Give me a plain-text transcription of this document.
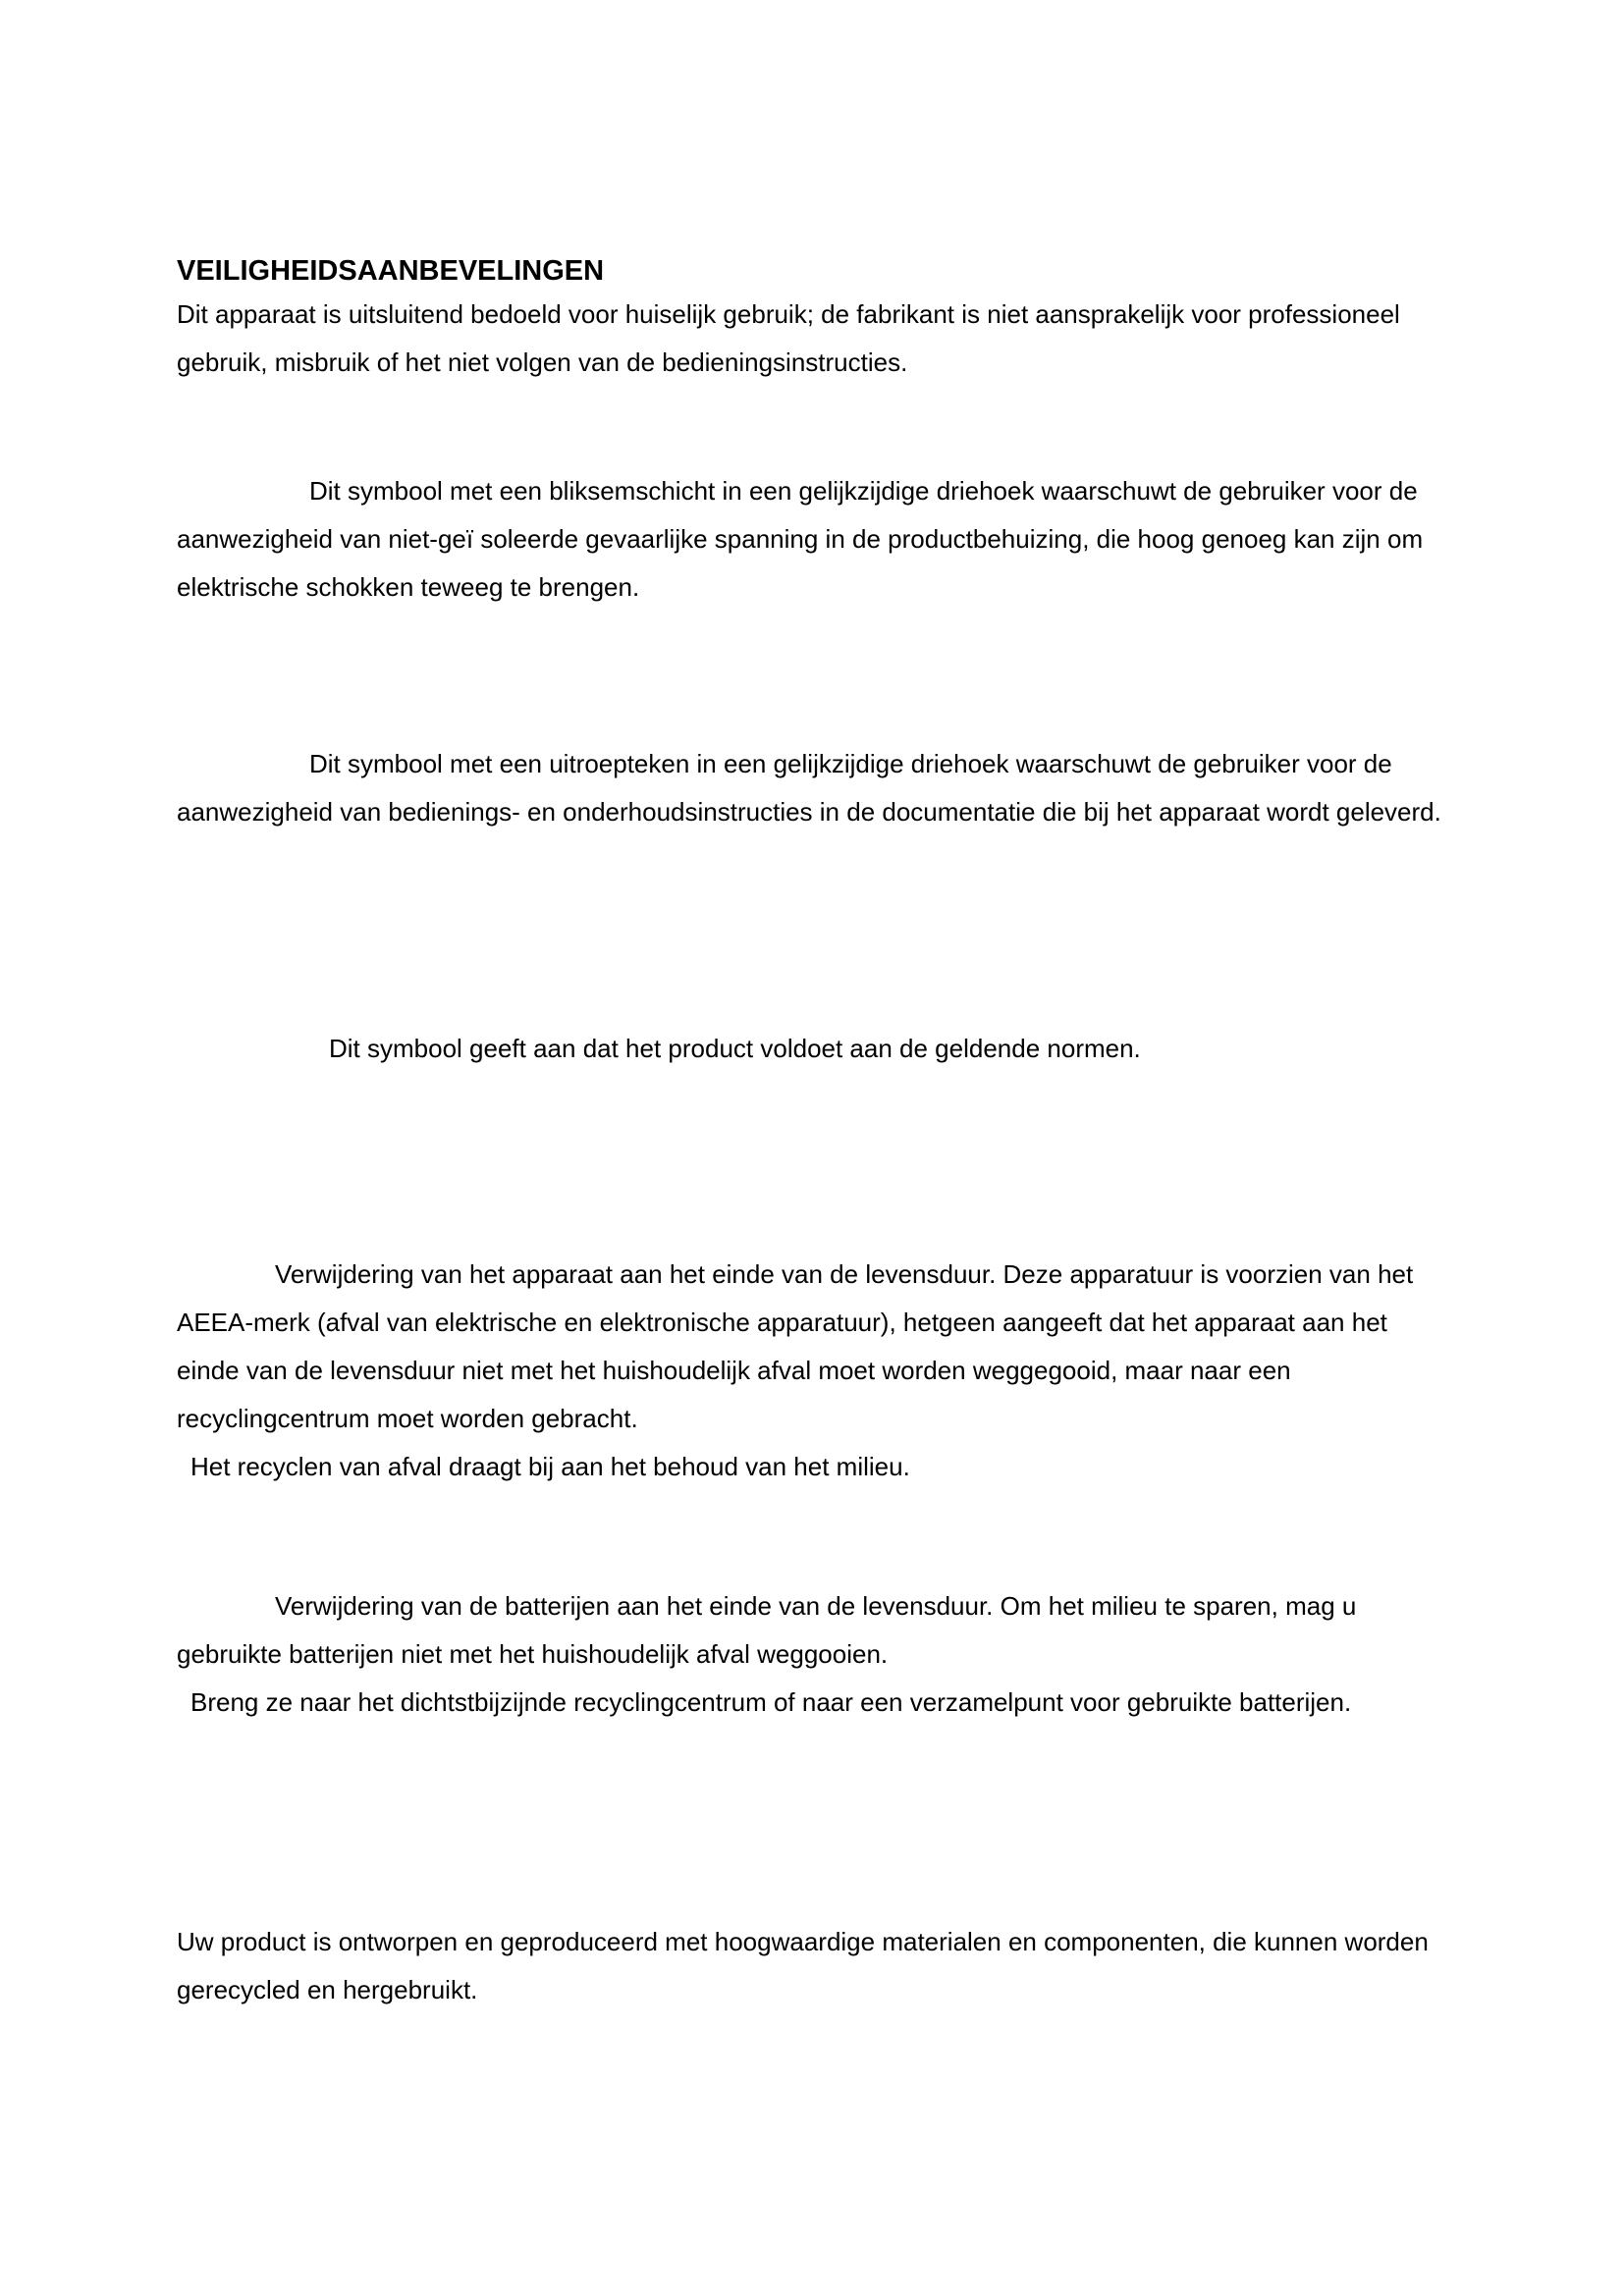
VEILIGHEIDSAANBEVELINGEN

Dit apparaat is uitsluitend bedoeld voor huiselijk gebruik; de fabrikant is niet aansprakelijk voor professioneel gebruik, misbruik of het niet volgen van de bedieningsinstructies.

Dit symbool met een bliksemschicht in een gelijkzijdige driehoek waarschuwt de gebruiker voor de aanwezigheid van niet-geï soleerde gevaarlijke spanning in de productbehuizing, die hoog genoeg kan zijn om elektrische schokken teweeg te brengen.

Dit symbool met een uitroepteken in een gelijkzijdige driehoek waarschuwt de gebruiker voor de aanwezigheid van bedienings- en onderhoudsinstructies in de documentatie die bij het apparaat wordt geleverd.

Dit symbool geeft aan dat het product voldoet aan de geldende normen.

Verwijdering van het apparaat aan het einde van de levensduur. Deze apparatuur is voorzien van het AEEA-merk (afval van elektrische en elektronische apparatuur), hetgeen aangeeft dat het apparaat aan het einde van de levensduur niet met het huishoudelijk afval moet worden weggegooid, maar naar een recyclingcentrum moet worden gebracht.

Het recyclen van afval draagt bij aan het behoud van het milieu.

Verwijdering van de batterijen aan het einde van de levensduur. Om het milieu te sparen, mag u gebruikte batterijen niet met het huishoudelijk afval weggooien.

Breng ze naar het dichtstbijzijnde recyclingcentrum of naar een verzamelpunt voor gebruikte batterijen.

Uw product is ontworpen en geproduceerd met hoogwaardige materialen en componenten, die kunnen worden gerecycled en hergebruikt.
